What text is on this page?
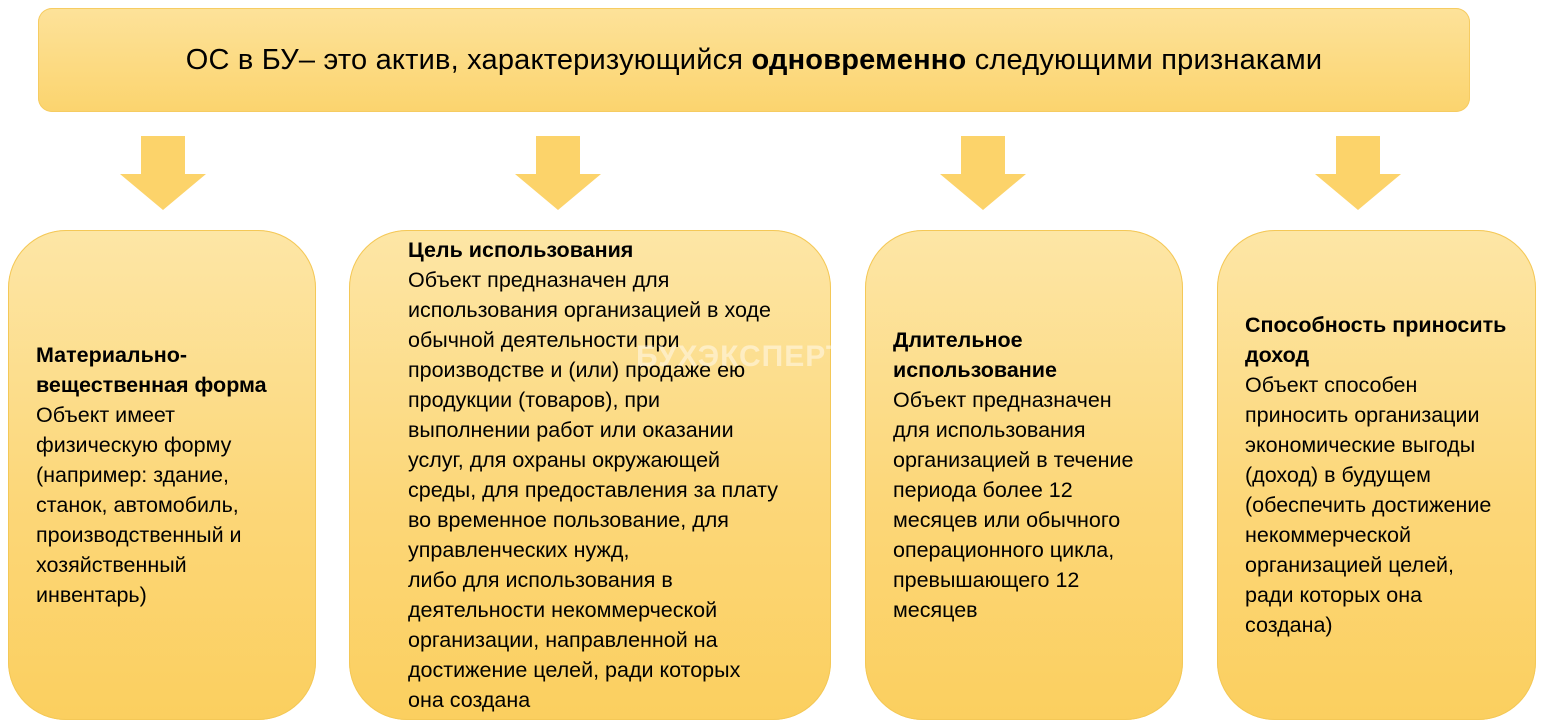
ОС в БУ– это актив, характеризующийся одновременно следующими признаками
Материально-
вещественная форма
Объект имеет
физическую форму
(например: здание,
станок, автомобиль,
производственный и
хозяйственный
инвентарь)
Цель использования
Объект предназначен для
использования организацией в ходе
обычной деятельности при
производстве и (или) продаже ею
продукции (товаров), при
выполнении работ или оказании
услуг, для охраны окружающей
среды, для предоставления за плату
во временное пользование, для
управленческих нужд,
либо для использования в
деятельности некоммерческой
организации, направленной на
достижение целей, ради которых
она создана
Длительное
использование
Объект предназначен
для использования
организацией в течение
периода более 12
месяцев или обычного
операционного цикла,
превышающего 12
месяцев
Способность приносить
доход
Объект способен
приносить организации
экономические выгоды
(доход) в будущем
(обеспечить достижение
некоммерческой
организацией целей,
ради которых она
создана)
БУХЭКСПЕРТ
